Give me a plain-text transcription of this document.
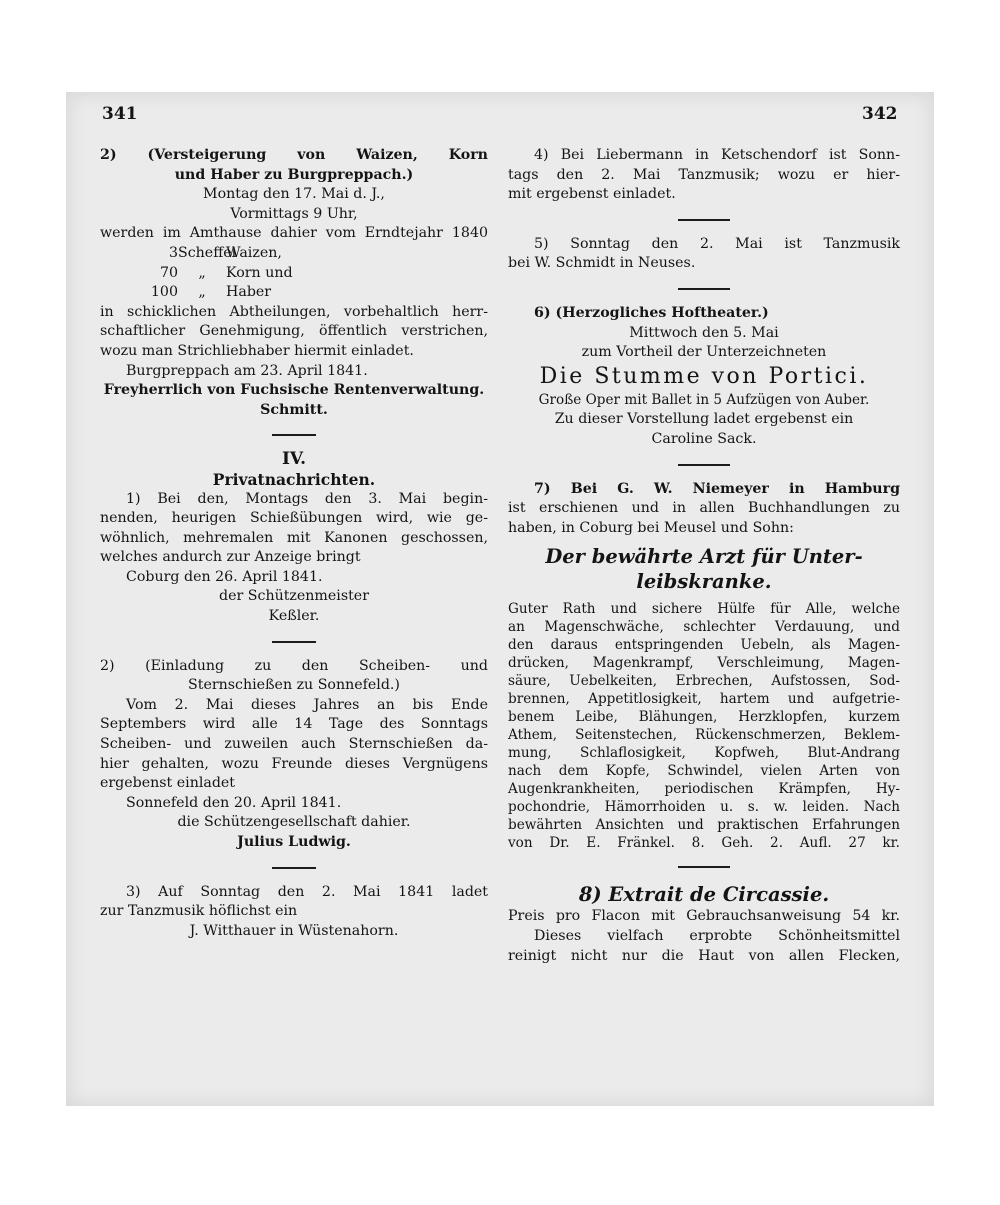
341	342

2) (Versteigerung von Waizen, Korn

und Haber zu Burgpreppach.)

Montag den 17. Mai d. J.,

Vormittags 9 Uhr,

werden im Amthause dahier vom Erndtejahr 1840

3 Scheffel
Waizen,
70	„	Korn und
100	„	Haber

in schicklichen Abtheilungen, vorbehaltlich herr-

schaftlicher Genehmigung, öffentlich verstrichen,

wozu man Strichliebhaber hiermit einladet.

Burgpreppach am 23. April 1841.

Freyherrlich von Fuchsische Rentenverwaltung.

Schmitt.

IV.

Privatnachrichten.

1) Bei den, Montags den 3. Mai begin-

nenden, heurigen Schießübungen wird, wie ge-

wöhnlich, mehremalen mit Kanonen geschossen,

welches andurch zur Anzeige bringt

Coburg den 26. April 1841.

der Schützenmeister

Keßler.

2) (Einladung zu den Scheiben- und

Sternschießen zu Sonnefeld.)

Vom 2. Mai dieses Jahres an bis Ende

Septembers wird alle 14 Tage des Sonntags

Scheiben- und zuweilen auch Sternschießen da-

hier gehalten, wozu Freunde dieses Vergnügens

ergebenst einladet

Sonnefeld den 20. April 1841.

die Schützengesellschaft dahier.

Julius Ludwig.

3) Auf Sonntag den 2. Mai 1841 ladet

zur Tanzmusik höflichst ein

J. Witthauer in Wüstenahorn.

4) Bei Liebermann in Ketschendorf ist Sonn-

tags den 2. Mai Tanzmusik; wozu er hier-

mit ergebenst einladet.

5) Sonntag den 2. Mai ist Tanzmusik

bei W. Schmidt in Neuses.

6) (Herzogliches Hoftheater.)

Mittwoch den 5. Mai

zum Vortheil der Unterzeichneten

Die Stumme von Portici.

Große Oper mit Ballet in 5 Aufzügen von Auber.

Zu dieser Vorstellung ladet ergebenst ein

Caroline Sack.

7) Bei G. W. Niemeyer in Hamburg

ist erschienen und in allen Buchhandlungen zu

haben, in Coburg bei Meusel und Sohn:

Der bewährte Arzt für Unter-

leibskranke.

Guter Rath und sichere Hülfe für Alle, welche

an Magenschwäche, schlechter Verdauung, und

den daraus entspringenden Uebeln, als Magen-

drücken, Magenkrampf, Verschleimung, Magen-

säure, Uebelkeiten, Erbrechen, Aufstossen, Sod-

brennen, Appetitlosigkeit, hartem und aufgetrie-

benem Leibe, Blähungen, Herzklopfen, kurzem

Athem, Seitenstechen, Rückenschmerzen, Beklem-

mung, Schlaflosigkeit, Kopfweh, Blut-Andrang

nach dem Kopfe, Schwindel, vielen Arten von

Augenkrankheiten, periodischen Krämpfen, Hy-

pochondrie, Hämorrhoiden u. s. w. leiden. Nach

bewährten Ansichten und praktischen Erfahrungen

von Dr. E. Fränkel. 8. Geh. 2. Aufl. 27 kr.

8) Extrait de Circassie.

Preis pro Flacon mit Gebrauchsanweisung 54 kr.

Dieses vielfach erprobte Schönheitsmittel

reinigt nicht nur die Haut von allen Flecken,
